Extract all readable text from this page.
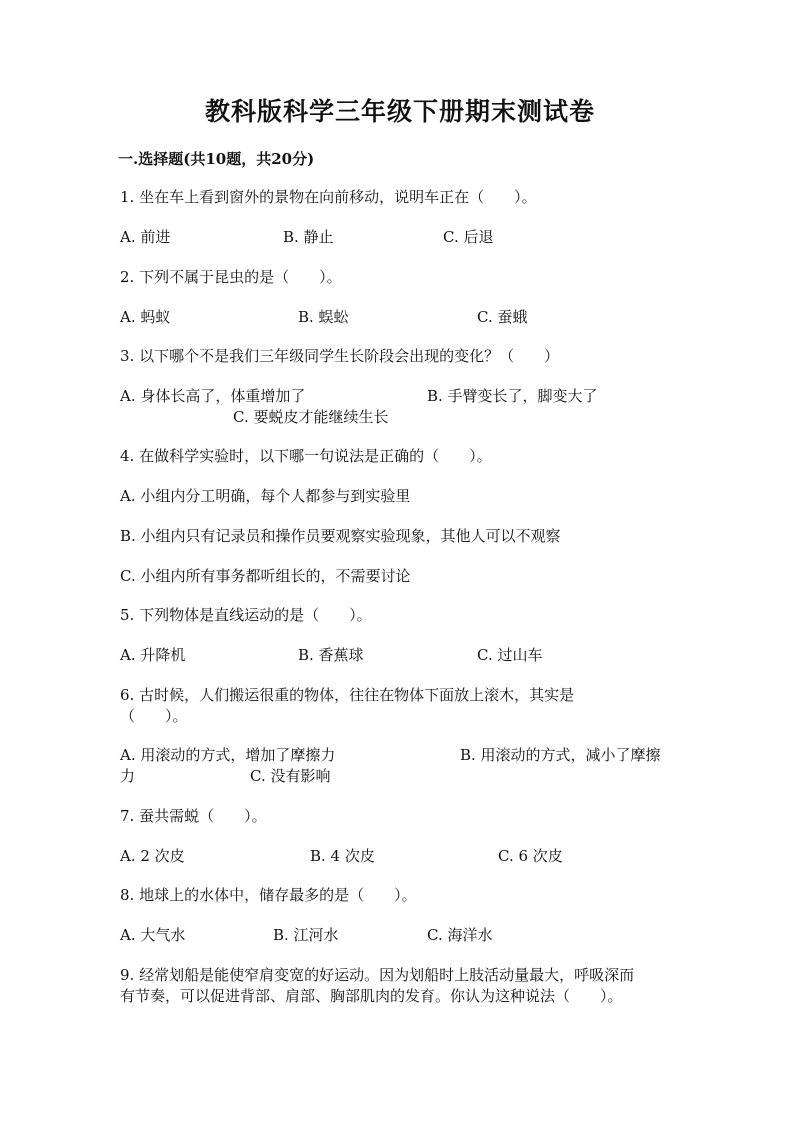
教科版科学三年级下册期末测试卷
一.选择题(共10题，共20分)
1. 坐在车上看到窗外的景物在向前移动，说明车正在（　　）。
A. 前进	B. 静止	C. 后退
2. 下列不属于昆虫的是（　　）。
A. 蚂蚁	B. 蜈蚣	C. 蚕蛾
3. 以下哪个不是我们三年级同学生长阶段会出现的变化？（　　）
A. 身体长高了，体重增加了	B. 手臂变长了，脚变大了
C. 要蜕皮才能继续生长
4. 在做科学实验时，以下哪一句说法是正确的（　　）。
A. 小组内分工明确，每个人都参与到实验里
B. 小组内只有记录员和操作员要观察实验现象，其他人可以不观察
C. 小组内所有事务都听组长的，不需要讨论
5. 下列物体是直线运动的是（　　）。
A. 升降机	B. 香蕉球	C. 过山车
6. 古时候，人们搬运很重的物体，往往在物体下面放上滚木，其实是
（　　）。
A. 用滚动的方式，增加了摩擦力	B. 用滚动的方式，减小了摩擦
力	C. 没有影响
7. 蚕共需蜕（　　）。
A. 2 次皮	B. 4 次皮	C. 6 次皮
8. 地球上的水体中，储存最多的是（　　）。
A. 大气水	B. 江河水	C. 海洋水
9. 经常划船是能使窄肩变宽的好运动。因为划船时上肢活动量最大，呼吸深而
有节奏，可以促进背部、肩部、胸部肌肉的发育。你认为这种说法（　　）。
